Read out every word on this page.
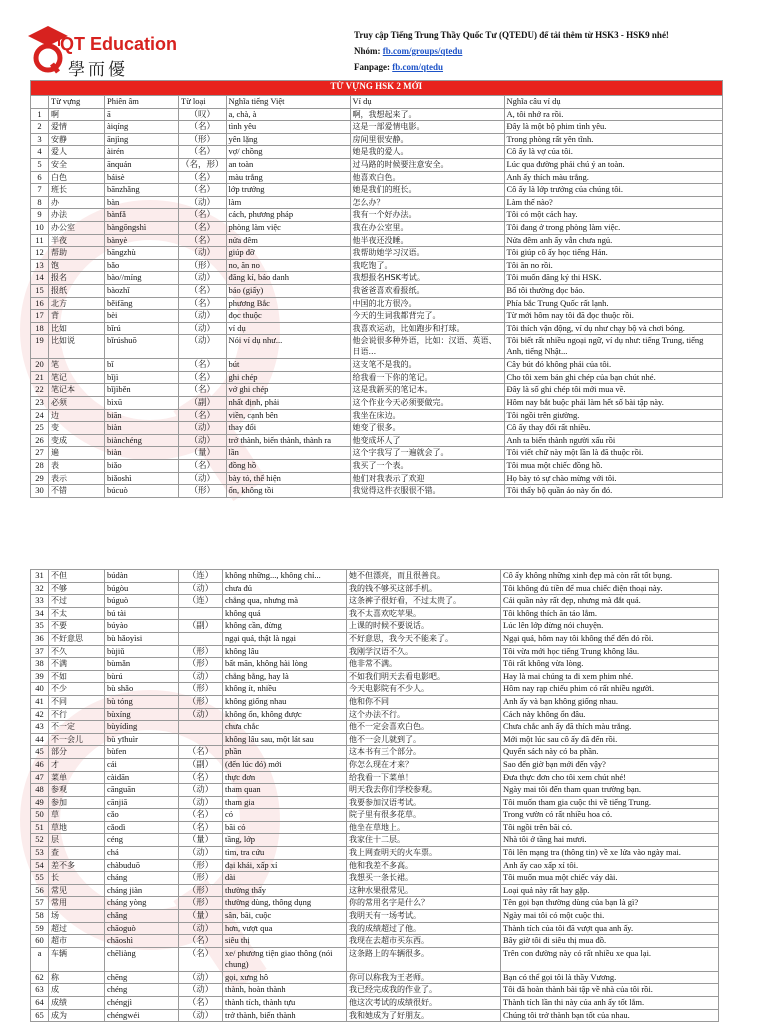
QT Education
學而優
Truy cập Tiếng Trung Thầy Quốc Tư (QTEDU) để tải thêm từ HSK3 - HSK9 nhé!
Nhóm: fb.com/groups/qtedu
Fanpage: fb.com/qtedu
TỪ VỰNG HSK 2 MỚI						
	Từ vựng	Phiên âm	Từ loại	Nghĩa tiếng Việt	Ví dụ	Nghĩa câu ví dụ
1	啊	ā	（叹）	a, chà, à	啊，我想起来了。	A, tôi nhớ ra rồi.
2	爱情	àiqíng	（名）	tình yêu	这是一部爱情电影。	Đây là một bộ phim tình yêu.
3	安静	ānjìng	（形）	yên lặng	房间里很安静。	Trong phòng rất yên tĩnh.
4	爱人	àirén	（名）	vợ/ chồng	她是我的爱人。	Cô ấy là vợ của tôi.
5	安全	ānquán	（名，形）	an toàn	过马路的时候要注意安全。	Lúc qua đường phải chú ý an toàn.
6	白色	báisè	（名）	màu trắng	他喜欢白色。	Anh ấy thích màu trắng.
7	班长	bānzhǎng	（名）	lớp trưởng	她是我们的班长。	Cô ấy là lớp trưởng của chúng tôi.
8	办	bàn	（动）	làm	怎么办？	Làm thế nào?
9	办法	bànfǎ	（名）	cách, phương pháp	我有一个好办法。	Tôi có một cách hay.
10	办公室	bàngōngshì	（名）	phòng làm việc	我在办公室里。	Tôi đang ở trong phòng làm việc.
11	半夜	bànyè	（名）	nửa đêm	他半夜还没睡。	Nửa đêm anh ấy vẫn chưa ngủ.
12	帮助	bāngzhù	（动）	giúp đỡ	我帮助她学习汉语。	Tôi giúp cô ấy học tiếng Hán.
13	饱	bǎo	（形）	no, ăn no	我吃饱了。	Tôi ăn no rồi.
14	报名	bào//míng	（动）	đăng kí, báo danh	我想报名HSK考试。	Tôi muốn đăng ký thi HSK.
15	报纸	bàozhǐ	（名）	báo (giấy)	我爸爸喜欢看报纸。	Bố tôi thường đọc báo.
16	北方	běifāng	（名）	phương Bắc	中国的北方很冷。	Phía bắc Trung Quốc rất lạnh.
17	背	bèi	（动）	đọc thuộc	今天的生词我都背完了。	Từ mới hôm nay tôi đã đọc thuộc rồi.
18	比如	bǐrú	（动）	ví dụ	我喜欢运动，比如跑步和打球。	Tôi thích vận động, ví dụ như chạy bộ và chơi bóng.
19	比如说	bǐrúshuō	（动）	Nói ví dụ như...	他会说很多种外语，比如：汉语、英语、日语...	Tôi biết rất nhiều ngoại ngữ, ví dụ như: tiếng Trung, tiếng Anh, tiếng Nhật...
20	笔	bǐ	（名）	bút	这支笔不是我的。	Cây bút đó không phải của tôi.
21	笔记	bǐjì	（名）	ghi chép	给我看一下你的笔记。	Cho tôi xem bản ghi chép của bạn chút nhé.
22	笔记本	bǐjìběn	（名）	vở ghi chép	这是我新买的笔记本。	Đây là số ghi chép tôi mới mua về.
23	必须	bìxū	（副）	nhất định, phải	这个作业今天必须要做完。	Hôm nay bắt buộc phải làm hết số bài tập này.
24	边	biān	（名）	viền, cạnh bên	我坐在床边。	Tôi ngồi trên giường.
25	变	biàn	（动）	thay đổi	她变了很多。	Cô ấy thay đổi rất nhiều.
26	变成	biànchéng	（动）	trở thành, biến thành, thành ra	他变成坏人了	Anh ta biến thành người xấu rồi
27	遍	biàn	（量）	lần	这个字我写了一遍就会了。	Tôi viết chữ này một lần là đã thuộc rồi.
28	表	biǎo	（名）	đồng hồ	我买了一个表。	Tôi mua một chiếc đồng hồ.
29	表示	biǎoshì	（动）	bày tỏ, thể hiện	他们对我表示了欢迎	Họ bày tỏ sự chào mừng với tôi.
30	不错	búcuò	（形）	ổn, không tồi	我觉得这件衣服很不错。	Tôi thấy bộ quần áo này ổn đó.
31	不但	búdàn	（连）	không những..., không chỉ...	她不但漂亮，而且很善良。	Cô ấy không những xinh đẹp mà còn rất tốt bụng.
32	不够	búgòu	（动）	chưa đủ	我的钱不够买这部手机。	Tôi không đủ tiền để mua chiếc điện thoại này.
33	不过	búguò	（连）	chẳng qua, nhưng mà	这条裤子很好看，不过太贵了。	Cái quần này rất đẹp, nhưng mà đắt quá.
34	不太	bú tài		không quá	我不太喜欢吃苹果。	Tôi không thích ăn táo lắm.
35	不要	búyào	（副）	không cần, đừng	上课的时候不要说话。	Lúc lên lớp đừng nói chuyện.
36	不好意思	bù hǎoyìsi		ngại quá, thật là ngại	不好意思，我今天不能来了。	Ngại quá, hôm nay tôi không thể đến đó rồi.
37	不久	bùjiǔ	（形）	không lâu	我刚学汉语不久。	Tôi vừa mới học tiếng Trung không lâu.
38	不满	bùmǎn	（形）	bất mãn, không hài lòng	他非常不满。	Tôi rất không vừa lòng.
39	不如	bùrú	（动）	chẳng bằng, hay là	不如我们明天去看电影吧。	Hay là mai chúng ta đi xem phim nhé.
40	不少	bù shǎo	（形）	không ít, nhiều	今天电影院有不少人。	Hôm nay rạp chiếu phim có rất nhiều người.
41	不同	bù tóng	（形）	không giống nhau	他和你不同	Anh ấy và bạn không giống nhau.
42	不行	bùxíng	（动）	không ổn, không được	这个办法不行。	Cách này không ổn đâu.
43	不一定	bùyídìng		chưa chắc	他不一定会喜欢白色。	Chưa chắc anh ấy đã thích màu trắng.
44	不一会儿	bù yīhuìr		không lâu sau, một lát sau	他不一会儿就到了。	Mới một lúc sau cô ấy đã đến rồi.
45	部分	bùfen	（名）	phần	这本书有三个部分。	Quyển sách này có ba phần.
46	才	cái	（副）	(đến lúc đó) mới	你怎么现在才来？	Sao đến giờ bạn mới đến vậy?
47	菜单	càidān	（名）	thực đơn	给我看一下菜单！	Đưa thực đơn cho tôi xem chút nhé!
48	参观	cānguān	（动）	tham quan	明天我去你们学校参观。	Ngày mai tôi đến tham quan trường bạn.
49	参加	cānjiā	（动）	tham gia	我要参加汉语考试。	Tôi muốn tham gia cuộc thi về tiếng Trung.
50	草	cǎo	（名）	cỏ	院子里有很多花草。	Trong vườn có rất nhiều hoa cỏ.
51	草地	cǎodì	（名）	bãi cỏ	他坐在草地上。	Tôi ngồi trên bãi cỏ.
52	层	céng	（量）	tầng, lớp	我家住十二层。	Nhà tôi ở tầng hai mươi.
53	查	chá	（动）	tìm, tra cứu	我上网查明天的火车票。	Tôi lên mạng tra (thông tin) về xe lửa vào ngày mai.
54	差不多	chàbuduō	（形）	đại khái, xấp xỉ	他和我差不多高。	Anh ấy cao xấp xỉ tôi.
55	长	cháng	（形）	dài	我想买一条长裙。	Tôi muốn mua một chiếc váy dài.
56	常见	cháng jiàn	（形）	thường thấy	这种水果很常见。	Loại quả này rất hay gặp.
57	常用	cháng yòng	（形）	thường dùng, thông dụng	你的常用名字是什么？	Tên gọi bạn thường dùng của bạn là gì?
58	场	chǎng	（量）	sân, bãi, cuộc	我明天有一场考试。	Ngày mai tôi có một cuộc thi.
59	超过	chāoguò	（动）	hơn, vượt qua	我的成绩超过了他。	Thành tích của tôi đã vượt qua anh ấy.
60	超市	chāoshì	（名）	siêu thị	我现在去超市买东西。	Bây giờ tôi đi siêu thị mua đồ.
a	车辆	chēliàng	（名）	xe/ phương tiện giao thông (nói chung)	这条路上的车辆很多。	Trên con đường này có rất nhiều xe qua lại.
62	称	chēng	（动）	gọi, xưng hô	你可以称我为王老师。	Bạn có thể gọi tôi là thầy Vương.
63	成	chéng	（动）	thành, hoàn thành	我已经完成我的作业了。	Tôi đã hoàn thành bài tập về nhà của tôi rồi.
64	成绩	chéngjì	（名）	thành tích, thành tựu	他这次考试的成绩很好。	Thành tích lần thi này của anh ấy tốt lắm.
65	成为	chéngwéi	（动）	trở thành, biến thành	我和她成为了好朋友。	Chúng tôi trở thành bạn tốt của nhau.
